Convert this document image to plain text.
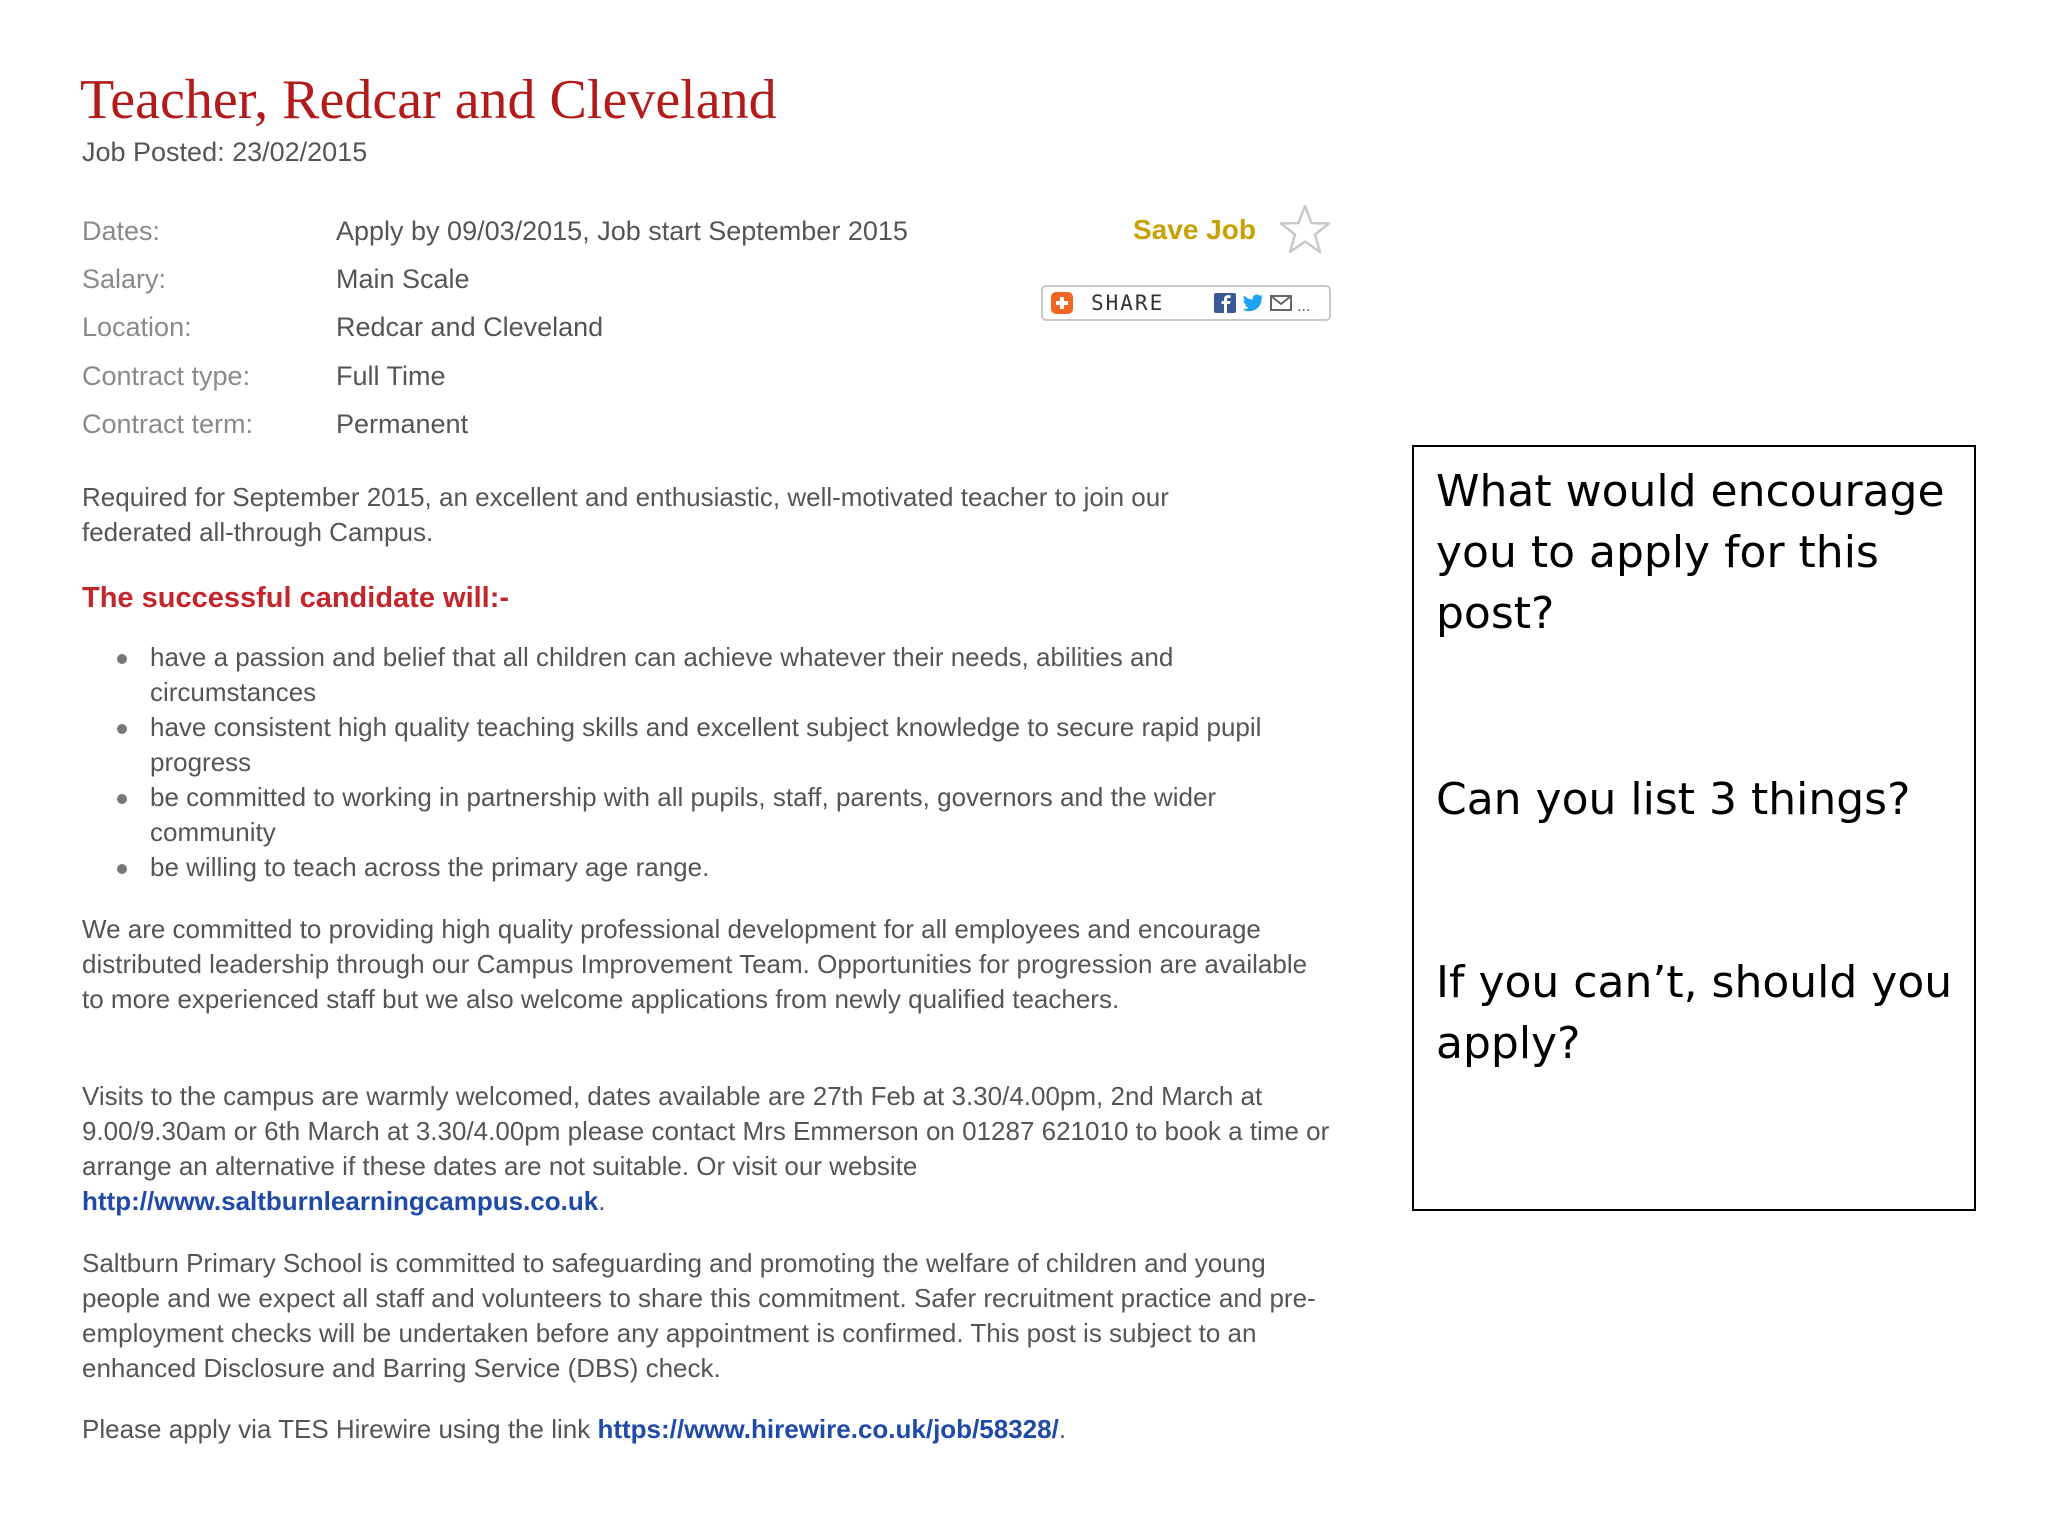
Teacher, Redcar and Cleveland
Job Posted: 23/02/2015
Dates:	Apply by 09/03/2015, Job start September 2015
Salary:	Main Scale
Location:	Redcar and Cleveland
Contract type:	Full Time
Contract term:	Permanent
Save Job
SHARE	...

Required for September 2015, an excellent and enthusiastic, well-motivated teacher to join our federated all-through Campus.

The successful candidate will:-
have a passion and belief that all children can achieve whatever their needs, abilities and circumstances
have consistent high quality teaching skills and excellent subject knowledge to secure rapid pupil progress
be committed to working in partnership with all pupils, staff, parents, governors and the wider community
be willing to teach across the primary age range.

We are committed to providing high quality professional development for all employees and encourage distributed leadership through our Campus Improvement Team. Opportunities for progression are available to more experienced staff but we also welcome applications from newly qualified teachers.

Visits to the campus are warmly welcomed, dates available are 27th Feb at 3.30/4.00pm, 2nd March at 9.00/9.30am or 6th March at 3.30/4.00pm please contact Mrs Emmerson on 01287 621010 to book a time or arrange an alternative if these dates are not suitable. Or visit our website http://www.saltburnlearningcampus.co.uk.

Saltburn Primary School is committed to safeguarding and promoting the welfare of children and young people and we expect all staff and volunteers to share this commitment. Safer recruitment practice and pre-employment checks will be undertaken before any appointment is confirmed. This post is subject to an enhanced Disclosure and Barring Service (DBS) check.

Please apply via TES Hirewire using the link https://www.hirewire.co.uk/job/58328/.

What would encourage you to apply for this post?

Can you list 3 things?

If you can’t, should you apply?
